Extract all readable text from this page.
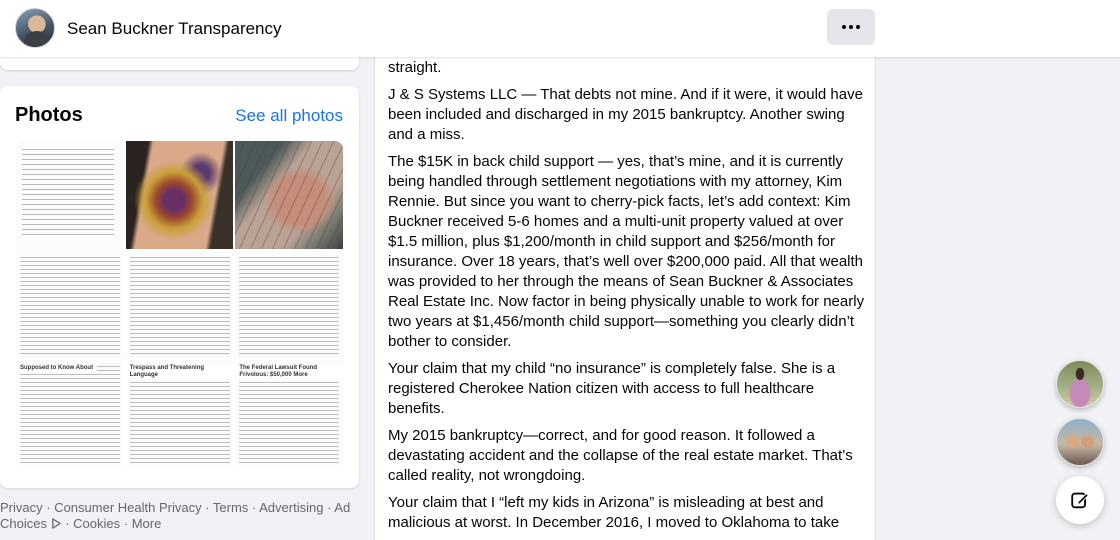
Sean Buckner Transparency
Photos	See all photos
Supposed to Know About	Trespass and Threatening Language
The Federal Lawsuit Found Frivolous: $50,000 More
Privacy · Consumer Health Privacy · Terms · Advertising · Ad Choices  · Cookies · More

straight.

J & S Systems LLC — That debts not mine. And if it were, it would have been included and discharged in my 2015 bankruptcy. Another swing and a miss.

The $15K in back child support — yes, that’s mine, and it is currently being handled through settlement negotiations with my attorney, Kim Rennie. But since you want to cherry-pick facts, let’s add context: Kim Buckner received 5-6 homes and a multi-unit property valued at over $1.5 million, plus $1,200/month in child support and $256/month for insurance. Over 18 years, that’s well over $200,000 paid. All that wealth was provided to her through the means of Sean Buckner & Associates Real Estate Inc. Now factor in being physically unable to work for nearly two years at $1,456/month child support—something you clearly didn’t bother to consider.

Your claim that my child “no insurance” is completely false. She is a registered Cherokee Nation citizen with access to full healthcare benefits.

My 2015 bankruptcy—correct, and for good reason. It followed a devastating accident and the collapse of the real estate market. That’s called reality, not wrongdoing.

Your claim that I “left my kids in Arizona” is misleading at best and malicious at worst. In December 2016, I moved to Oklahoma to take
